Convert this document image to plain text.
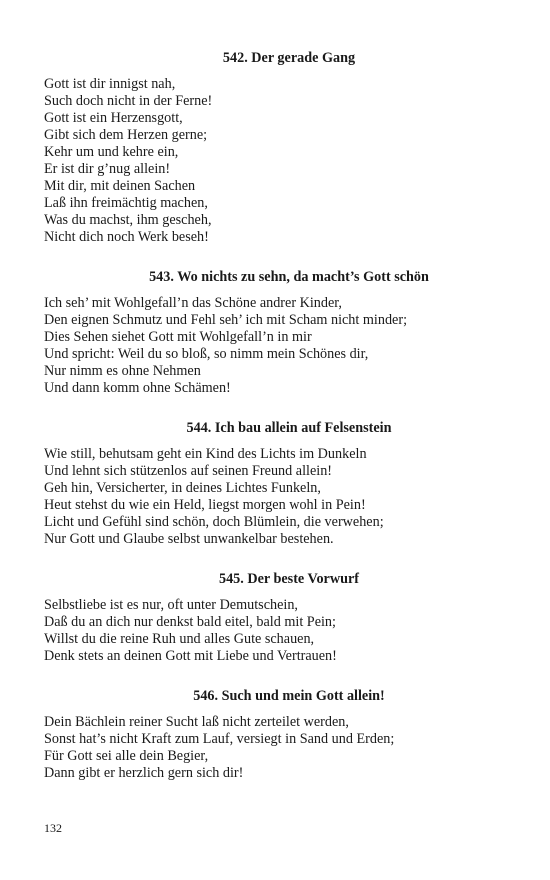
542. Der gerade Gang
Gott ist dir innigst nah,
Such doch nicht in der Ferne!
Gott ist ein Herzensgott,
Gibt sich dem Herzen gerne;
Kehr um und kehre ein,
Er ist dir g’nug allein!
Mit dir, mit deinen Sachen
Laß ihn freimächtig machen,
Was du machst, ihm gescheh,
Nicht dich noch Werk beseh!
543. Wo nichts zu sehn, da macht’s Gott schön
Ich seh’ mit Wohlgefall’n das Schöne andrer Kinder,
Den eignen Schmutz und Fehl seh’ ich mit Scham nicht minder;
Dies Sehen siehet Gott mit Wohlgefall’n in mir
Und spricht: Weil du so bloß, so nimm mein Schönes dir,
Nur nimm es ohne Nehmen
Und dann komm ohne Schämen!
544. Ich bau allein auf Felsenstein
Wie still, behutsam geht ein Kind des Lichts im Dunkeln
Und lehnt sich stützenlos auf seinen Freund allein!
Geh hin, Versicherter, in deines Lichtes Funkeln,
Heut stehst du wie ein Held, liegst morgen wohl in Pein!
Licht und Gefühl sind schön, doch Blümlein, die verwehen;
Nur Gott und Glaube selbst unwankelbar bestehen.
545. Der beste Vorwurf
Selbstliebe ist es nur, oft unter Demutschein,
Daß du an dich nur denkst bald eitel, bald mit Pein;
Willst du die reine Ruh und alles Gute schauen,
Denk stets an deinen Gott mit Liebe und Vertrauen!
546. Such und mein Gott allein!
Dein Bächlein reiner Sucht laß nicht zerteilet werden,
Sonst hat’s nicht Kraft zum Lauf, versiegt in Sand und Erden;
Für Gott sei alle dein Begier,
Dann gibt er herzlich gern sich dir!
132
